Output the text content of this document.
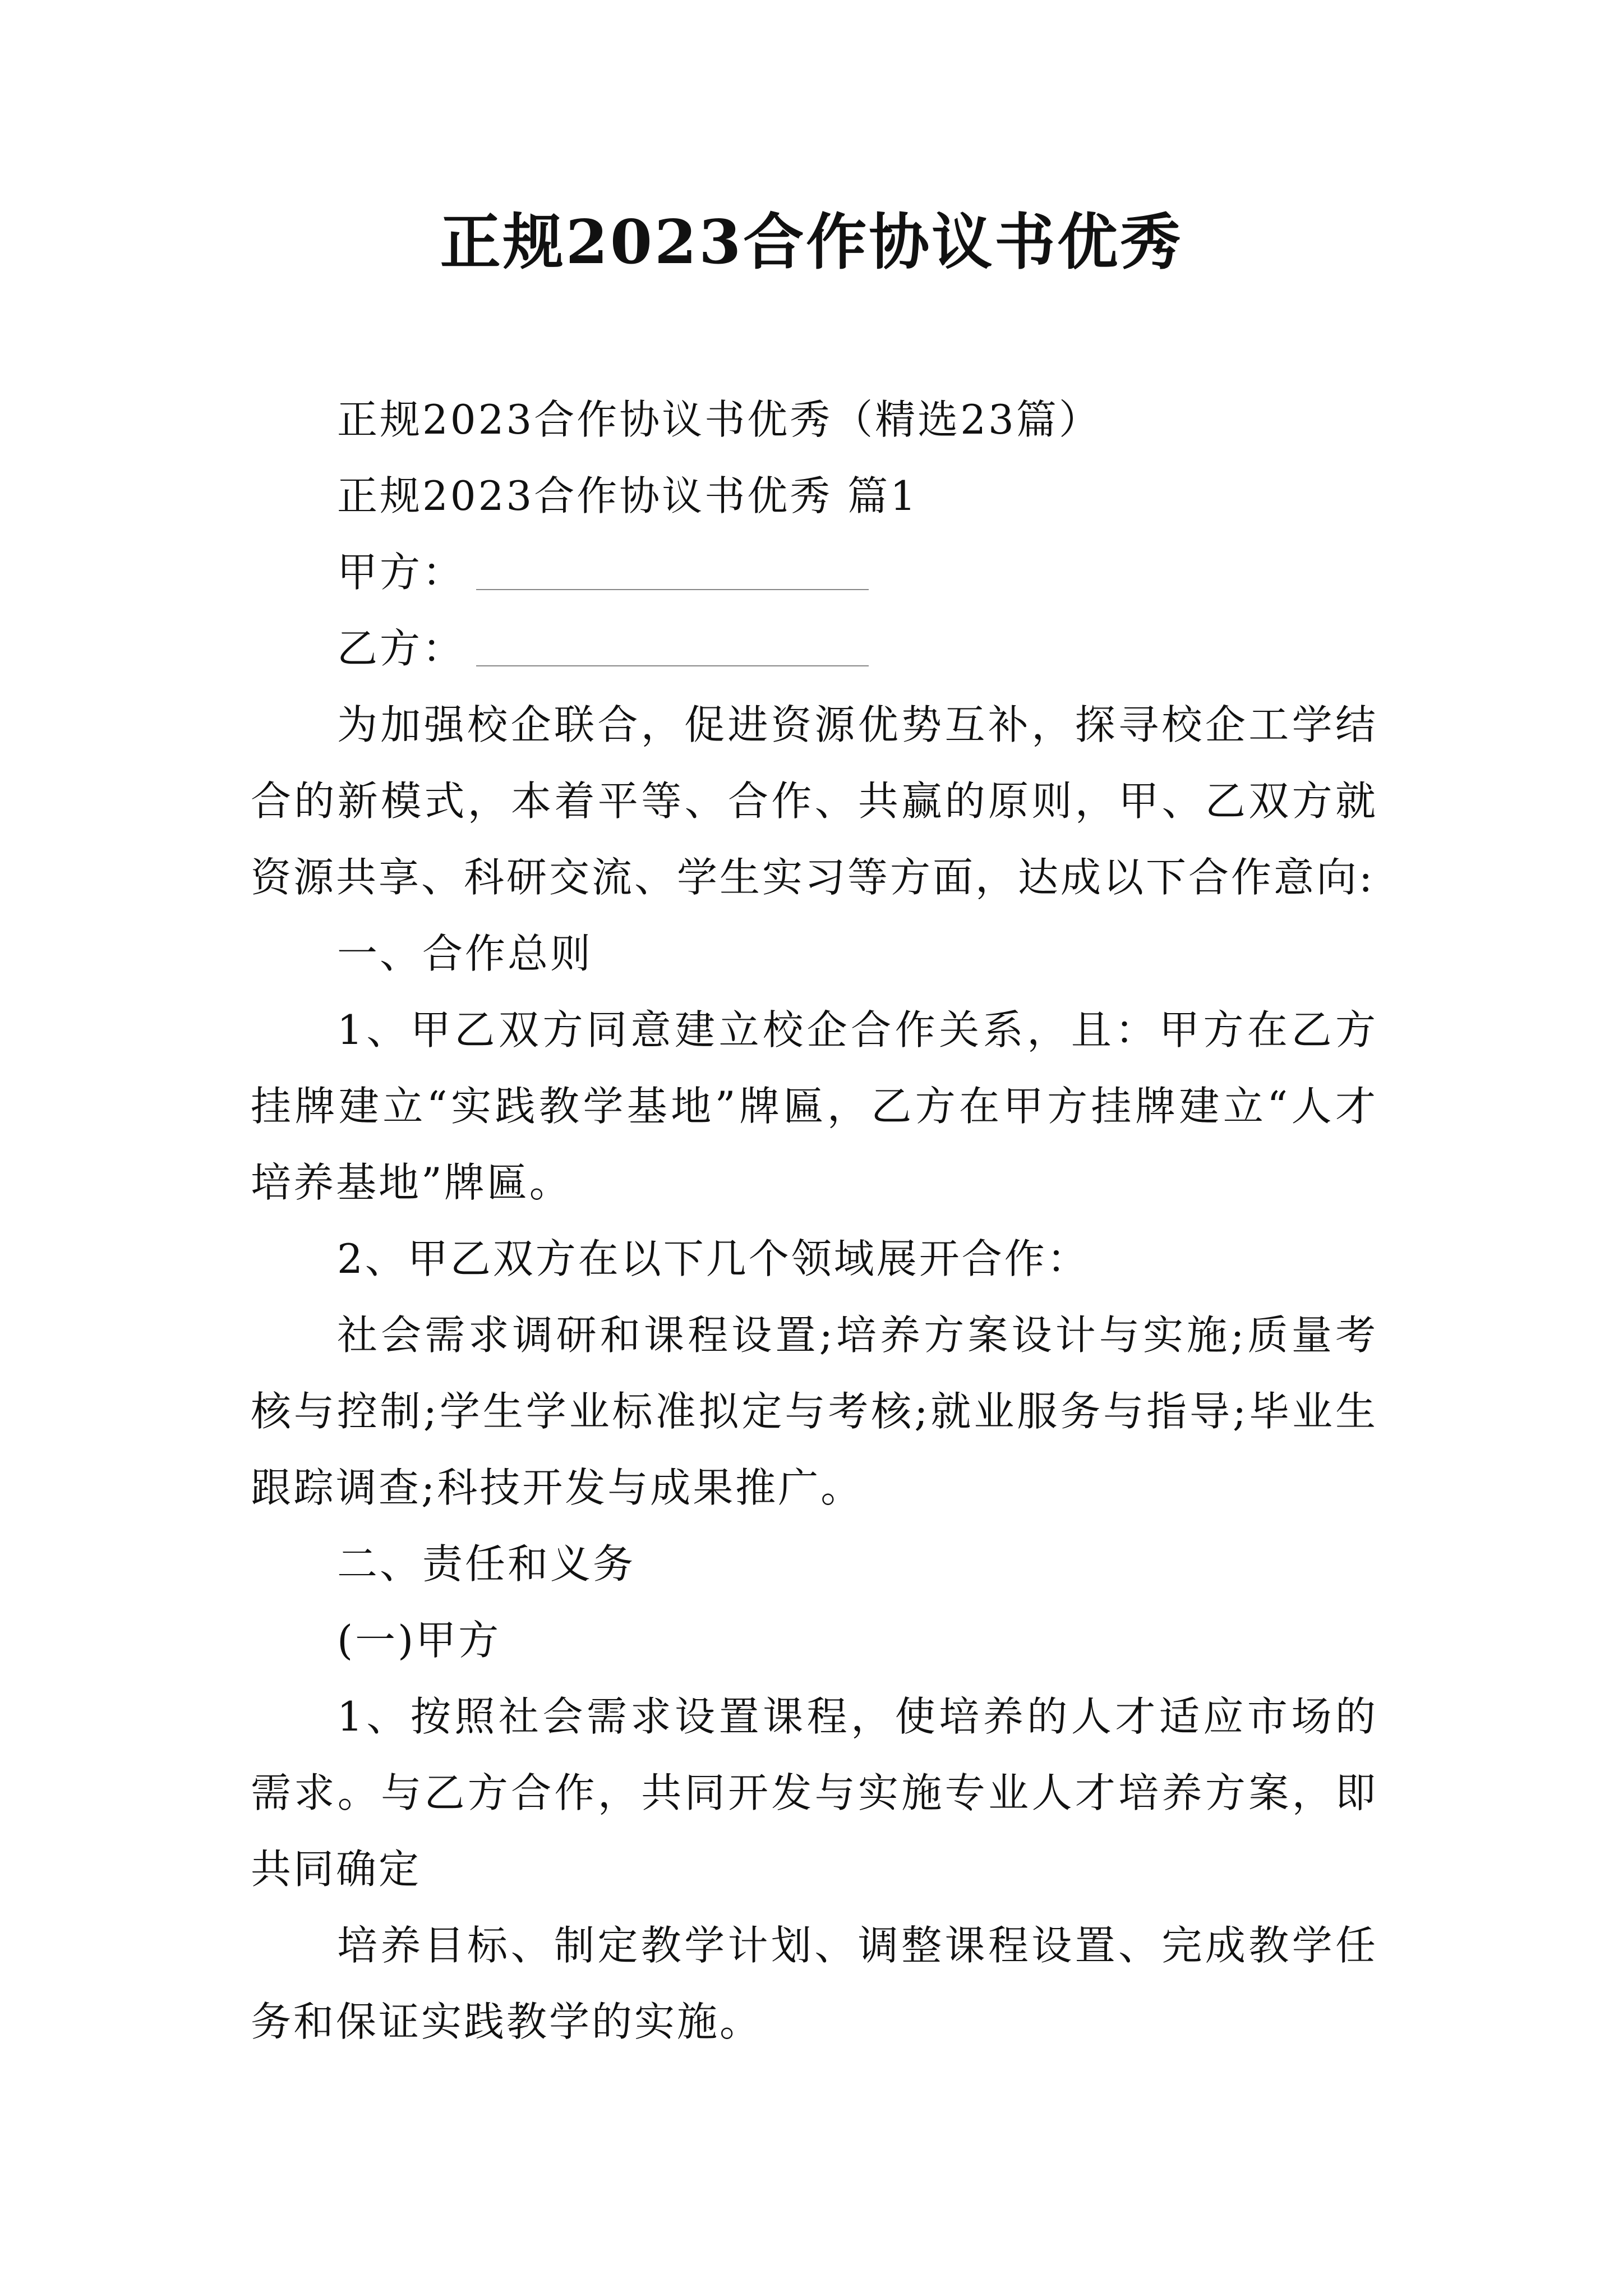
正规2023合作协议书优秀

正规2023合作协议书优秀（精选23篇）

正规2023合作协议书优秀 篇1

甲方：
乙方：

为加强校企联合，促进资源优势互补，探寻校企工学结合的新模式，本着平等、合作、共赢的原则，甲、乙双方就资源共享、科研交流、学生实习等方面，达成以下合作意向:

一、合作总则

1、甲乙双方同意建立校企合作关系，且：甲方在乙方挂牌建立“实践教学基地”牌匾，乙方在甲方挂牌建立“人才培养基地”牌匾。

2、甲乙双方在以下几个领域展开合作：

社会需求调研和课程设置;培养方案设计与实施;质量考核与控制;学生学业标准拟定与考核;就业服务与指导;毕业生跟踪调查;科技开发与成果推广。

二、责任和义务

(一)甲方

1、按照社会需求设置课程，使培养的人才适应市场的需求。与乙方合作，共同开发与实施专业人才培养方案，即共同确定

培养目标、制定教学计划、调整课程设置、完成教学任务和保证实践教学的实施。
